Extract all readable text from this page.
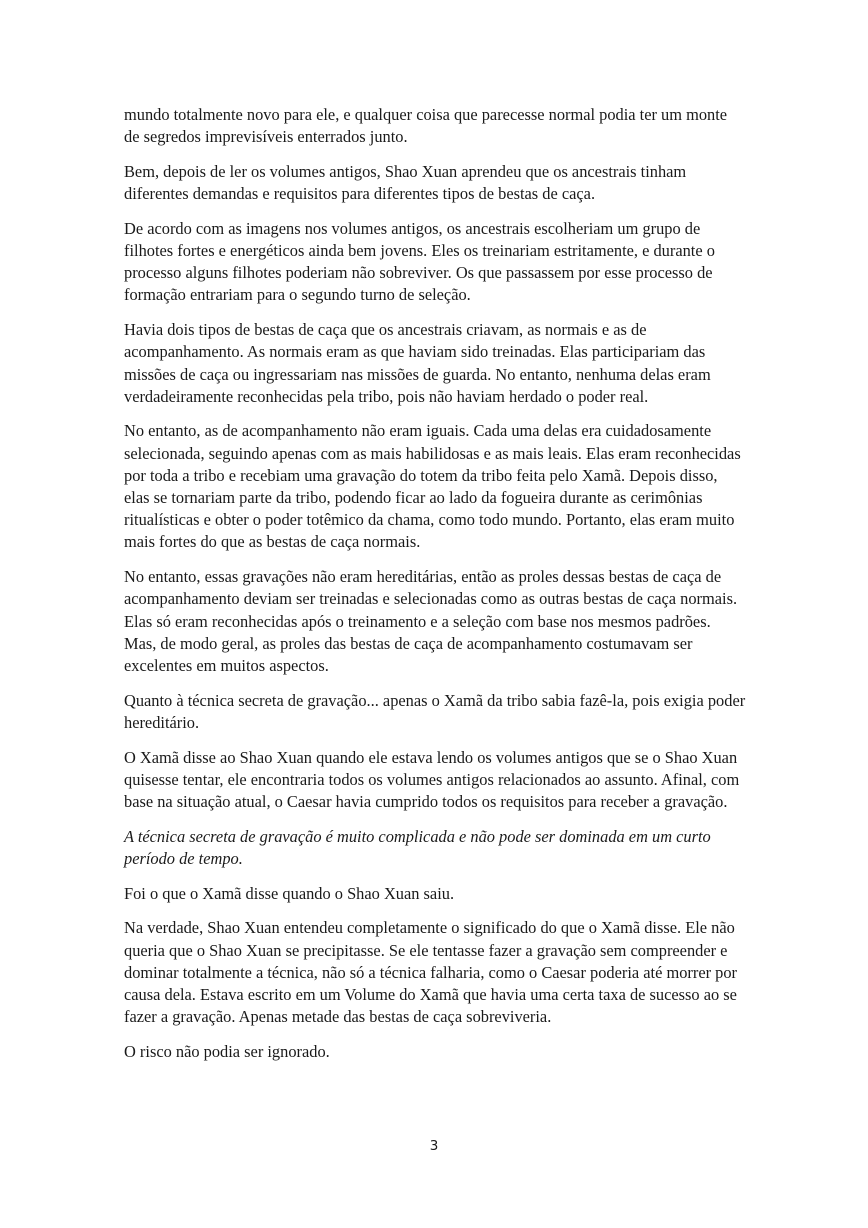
mundo totalmente novo para ele, e qualquer coisa que parecesse normal podia ter um monte de segredos imprevisíveis enterrados junto.

Bem, depois de ler os volumes antigos, Shao Xuan aprendeu que os ancestrais tinham diferentes demandas e requisitos para diferentes tipos de bestas de caça.

De acordo com as imagens nos volumes antigos, os ancestrais escolheriam um grupo de filhotes fortes e energéticos ainda bem jovens. Eles os treinariam estritamente, e durante o processo alguns filhotes poderiam não sobreviver. Os que passassem por esse processo de formação entrariam para o segundo turno de seleção.

Havia dois tipos de bestas de caça que os ancestrais criavam, as normais e as de acompanhamento. As normais eram as que haviam sido treinadas. Elas participariam das missões de caça ou ingressariam nas missões de guarda. No entanto, nenhuma delas eram verdadeiramente reconhecidas pela tribo, pois não haviam herdado o poder real.

No entanto, as de acompanhamento não eram iguais. Cada uma delas era cuidadosamente selecionada, seguindo apenas com as mais habilidosas e as mais leais. Elas eram reconhecidas por toda a tribo e recebiam uma gravação do totem da tribo feita pelo Xamã. Depois disso, elas se tornariam parte da tribo, podendo ficar ao lado da fogueira durante as cerimônias ritualísticas e obter o poder totêmico da chama, como todo mundo. Portanto, elas eram muito mais fortes do que as bestas de caça normais.

No entanto, essas gravações não eram hereditárias, então as proles dessas bestas de caça de acompanhamento deviam ser treinadas e selecionadas como as outras bestas de caça normais. Elas só eram reconhecidas após o treinamento e a seleção com base nos mesmos padrões. Mas, de modo geral, as proles das bestas de caça de acompanhamento costumavam ser excelentes em muitos aspectos.

Quanto à técnica secreta de gravação... apenas o Xamã da tribo sabia fazê-la, pois exigia poder hereditário.

O Xamã disse ao Shao Xuan quando ele estava lendo os volumes antigos que se o Shao Xuan quisesse tentar, ele encontraria todos os volumes antigos relacionados ao assunto. Afinal, com base na situação atual, o Caesar havia cumprido todos os requisitos para receber a gravação.

A técnica secreta de gravação é muito complicada e não pode ser dominada em um curto período de tempo.

Foi o que o Xamã disse quando o Shao Xuan saiu.

Na verdade, Shao Xuan entendeu completamente o significado do que o Xamã disse. Ele não queria que o Shao Xuan se precipitasse. Se ele tentasse fazer a gravação sem compreender e dominar totalmente a técnica, não só a técnica falharia, como o Caesar poderia até morrer por causa dela. Estava escrito em um Volume do Xamã que havia uma certa taxa de sucesso ao se fazer a gravação. Apenas metade das bestas de caça sobreviveria.

O risco não podia ser ignorado.

3
